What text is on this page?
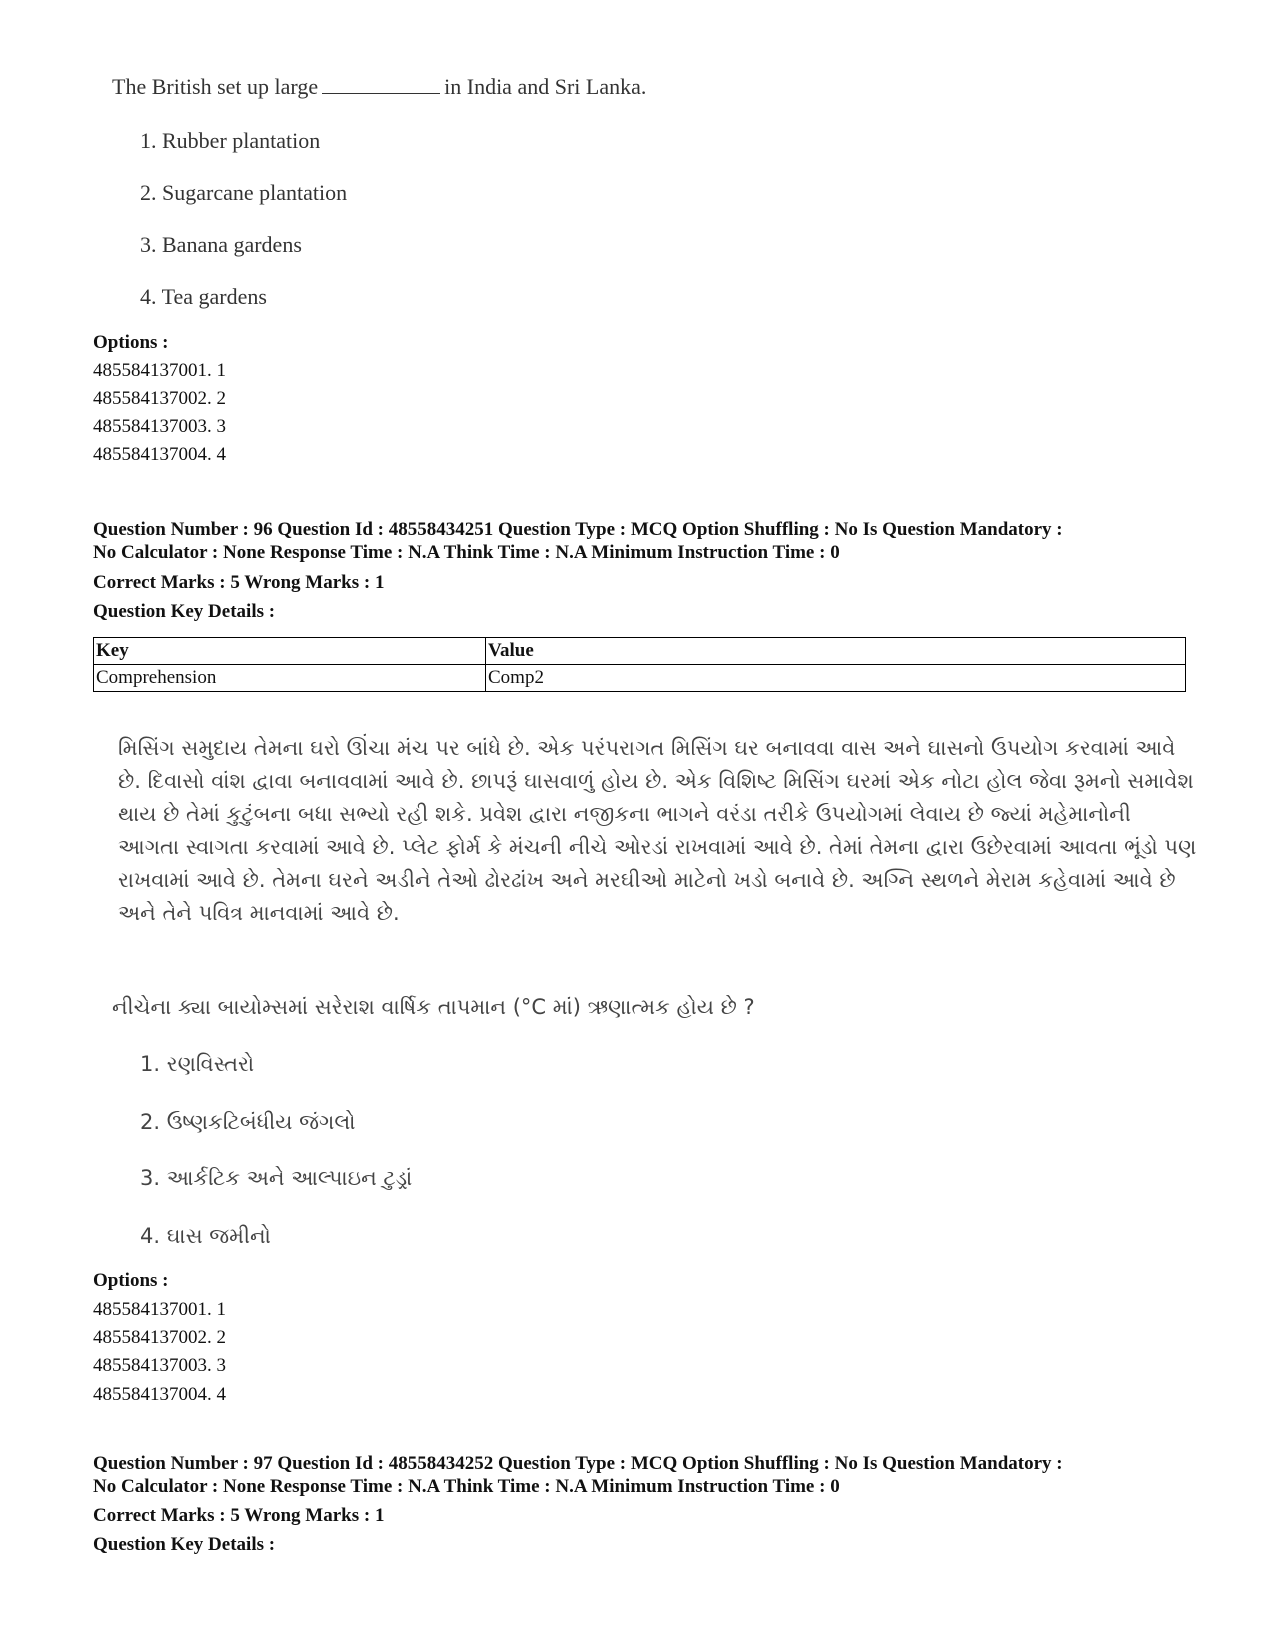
The British set up large	in India and Sri Lanka.
1. Rubber plantation
2. Sugarcane plantation
3. Banana gardens
4. Tea gardens
Options :
485584137001. 1
485584137002. 2
485584137003. 3
485584137004. 4
Question Number : 96 Question Id : 48558434251 Question Type : MCQ Option Shuffling : No Is Question Mandatory :
No Calculator : None Response Time : N.A Think Time : N.A Minimum Instruction Time : 0
Correct Marks : 5 Wrong Marks : 1
Question Key Details :
Key	Value
Comprehension	Comp2
મિસિંગ સમુદાય તેમના ઘરો ઊંચા મંચ પર બાંધે છે. એક પરંપરાગત મિસિંગ ઘર બનાવવા વાસ અને ઘાસનો ઉપયોગ કરવામાં આવે છે. દિવાસો વાંશ દ્વાવા બનાવવામાં આવે છે. છાપરૂં ઘાસવાળું હોય છે. એક વિશિષ્ટ મિસિંગ ઘરમાં એક નોટા હોલ જેવા રૂમનો સમાવેશ થાય છે તેમાં કુટુંબના બધા સભ્યો રહી શકે. પ્રવેશ દ્વારા નજીકના ભાગને વરંડા તરીકે ઉપયોગમાં લેવાય છે જ્યાં મહેમાનોની આગતા સ્વાગતા કરવામાં આવે છે. પ્લેટ ફોર્મ કે મંચની નીચે ઓરડાં રાખવામાં આવે છે. તેમાં તેમના દ્વારા ઉછેરવામાં આવતા ભૂંડો પણ રાખવામાં આવે છે. તેમના ઘરને અડીને તેઓ ઢોરઢાંખ અને મરઘીઓ માટેનો ખડો બનાવે છે. અગ્નિ સ્થળને મેરામ કહેવામાં આવે છે અને તેને પવિત્ર માનવામાં આવે છે.
નીચેના ક્યા બાયોમ્સમાં સરેરાશ વાર્ષિક તાપમાન (°C માં) ઋણાત્મક હોય છે ?
1. રણવિસ્તરો
2. ઉષ્ણકટિબંધીય જંગલો
3. આર્કટિક અને આલ્પાઇન ટુડ્રાં
4. ઘાસ જમીનો
Options :
485584137001. 1
485584137002. 2
485584137003. 3
485584137004. 4
Question Number : 97 Question Id : 48558434252 Question Type : MCQ Option Shuffling : No Is Question Mandatory :
No Calculator : None Response Time : N.A Think Time : N.A Minimum Instruction Time : 0
Correct Marks : 5 Wrong Marks : 1
Question Key Details :
